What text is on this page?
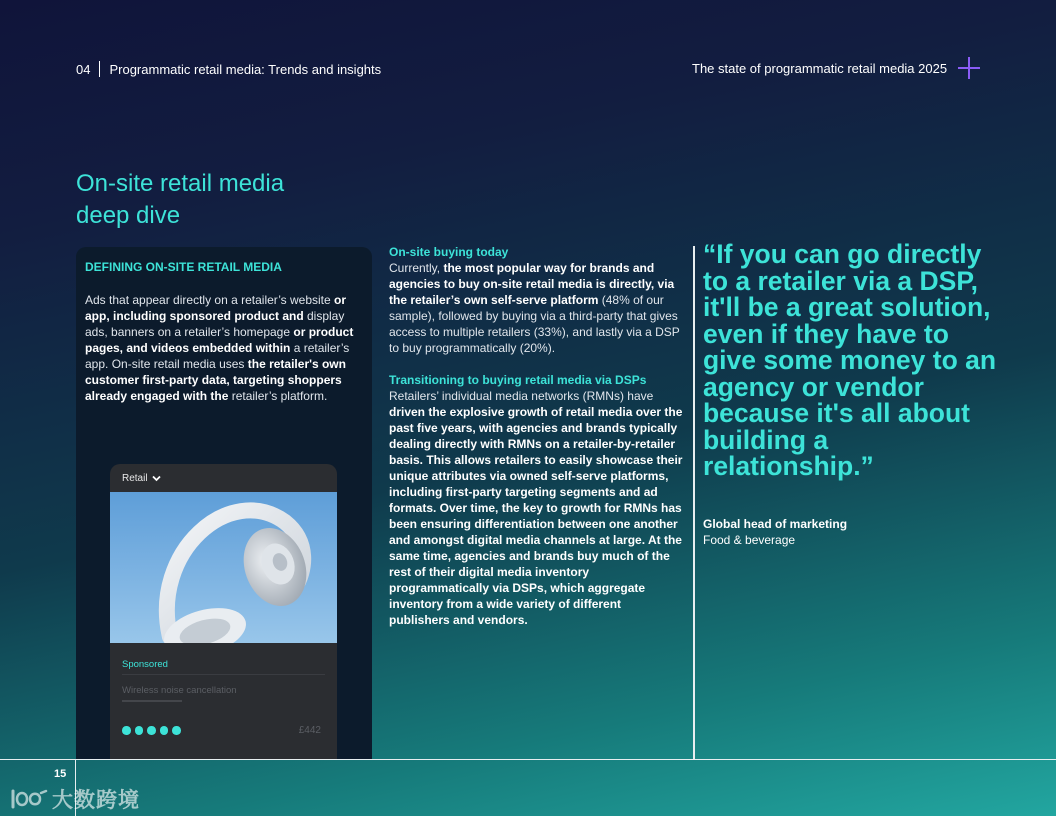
04 Programmatic retail media: Trends and insights	The state of programmatic retail media 2025
On-site retail media
deep dive
DEFINING ON-SITE RETAIL MEDIA
Ads that appear directly on a retailer’s website or app, including sponsored product and display ads, banners on a retailer’s homepage or product pages, and videos embedded within a retailer’s app. On-site retail media uses the retailer's own customer first-party data, targeting shoppers already engaged with the retailer’s platform.
Retail
Sponsored
Wireless noise cancellation
£442
On-site buying today

Currently, the most popular way for brands and agencies to buy on-site retail media is directly, via the retailer’s own self-serve platform (48% of our sample), followed by buying via a third-party that gives access to multiple retailers (33%), and lastly via a DSP to buy programmatically (20%).

Transitioning to buying retail media via DSPs

Retailers’ individual media networks (RMNs) have driven the explosive growth of retail media over the past five years, with agencies and brands typically dealing directly with RMNs on a retailer-by-retailer basis. This allows retailers to easily showcase their unique attributes via owned self-serve platforms, including first-party targeting segments and ad formats. Over time, the key to growth for RMNs has been ensuring differentiation between one another and amongst digital media channels at large. At the same time, agencies and brands buy much of the rest of their digital media inventory programmatically via DSPs, which aggregate inventory from a wide variety of different publishers and vendors.

“If you can go directly to a retailer via a DSP, it'll be a great solution, even if they have to give some money to an agency or vendor because it's all about building a relationship.”
Global head of marketing
Food & beverage
15
大数跨境
